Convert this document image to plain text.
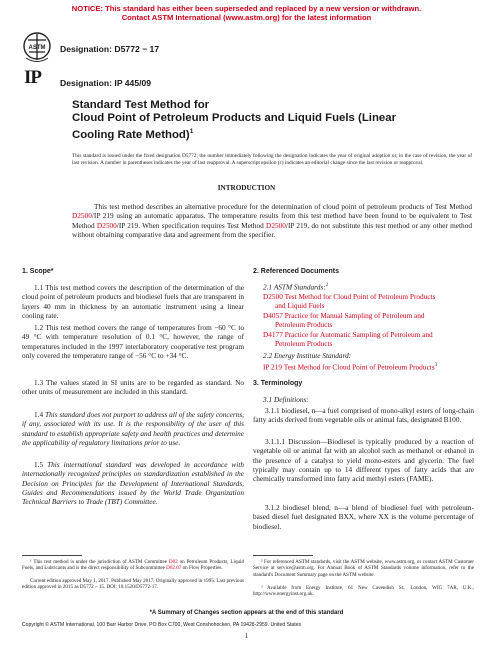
NOTICE: This standard has either been superseded and replaced by a new version or withdrawn.
Contact ASTM International (www.astm.org) for the latest information
ASTM Designation: D5772 − 17
IP	Designation: IP 445/09
Standard Test Method for
Cloud Point of Petroleum Products and Liquid Fuels (Linear
Cooling Rate Method)$^1$
This standard is issued under the fixed designation D5772; the number immediately following the designation indicates the year of original adoption or, in the case of revision, the year of last revision. A number in parentheses indicates the year of last reapproval. A superscript epsilon (ε) indicates an editorial change since the last revision or reapproval.
INTRODUCTION
This test method describes an alternative procedure for the determination of cloud point of petroleum products of Test Method D2500/IP 219 using an automatic apparatus. The temperature results from this test method have been found to be equivalent to Test Method D2500/IP 219. When specification requires Test Method D2500/IP 219, do not substitute this test method or any other method without obtaining comparative data and agreement from the specifier.
1. Scope*
1.1 This test method covers the description of the determination of the cloud point of petroleum products and biodiesel fuels that are transparent in layers 40 mm in thickness by an automatic instrument using a linear cooling rate.
1.2 This test method covers the range of temperatures from −60 °C to 49 °C with temperature resolution of 0.1 °C, however, the range of temperatures included in the 1997 interlaboratory cooperative test program only covered the temperature range of −56 °C to +34 °C.
1.3 The values stated in SI units are to be regarded as standard. No other units of measurement are included in this standard.
1.4 This standard does not purport to address all of the safety concerns, if any, associated with its use. It is the responsibility of the user of this standard to establish appropriate safety and health practices and determine the applicability of regulatory limitations prior to use.
1.5 This international standard was developed in accordance with internationally recognized principles on standardization established in the Decision on Principles for the Development of International Standards, Guides and Recommendations issued by the World Trade Organization Technical Barriers to Trade (TBT) Committee.
2. Referenced Documents
2.1 ASTM Standards:$^2$
D2500 Test Method for Cloud Point of Petroleum Products
and Liquid Fuels
D4057 Practice for Manual Sampling of Petroleum and
Petroleum Products
D4177 Practice for Automatic Sampling of Petroleum and
Petroleum Products
2.2 Energy Institute Standard:
IP 219 Test Method for Cloud Point of Petroleum Products$^3$
3. Terminology
3.1 Definitions:
3.1.1 biodiesel, n—a fuel comprised of mono-alkyl esters of long-chain fatty acids derived from vegetable oils or animal fats, designated B100.
3.1.1.1 Discussion—Biodiesel is typically produced by a reaction of vegetable oil or animal fat with an alcohol such as methanol or ethanol in the presence of a catalyst to yield mono-esters and glycerin. The fuel typically may contain up to 14 different types of fatty acids that are chemically transformed into fatty acid methyl esters (FAME).
3.1.2 biodiesel blend, n—a blend of biodiesel fuel with petroleum-based diesel fuel designated BXX, where XX is the volume percentage of biodiesel.
¹ This test method is under the jurisdiction of ASTM Committee D02 on Petroleum Products, Liquid Fuels, and Lubricants and is the direct responsibility of Subcommittee D02.07 on Flow Properties.
Current edition approved May 1, 2017. Published May 2017. Originally approved in 1995. Last previous edition approved in 2015 as D5772 – 15. DOI: 10.1520/D5772-17.
² For referenced ASTM standards, visit the ASTM website, www.astm.org, or contact ASTM Customer Service at service@astm.org. For Annual Book of ASTM Standards volume information, refer to the standard's Document Summary page on the ASTM website.
³ Available from Energy Institute, 61 New Cavendish St., London, WIG 7AR, U.K., http://www.energyinst.org.uk.
*A Summary of Changes section appears at the end of this standard
Copyright © ASTM International, 100 Barr Harbor Drive, PO Box C700, West Conshohocken, PA 19428-2959. United States
1
